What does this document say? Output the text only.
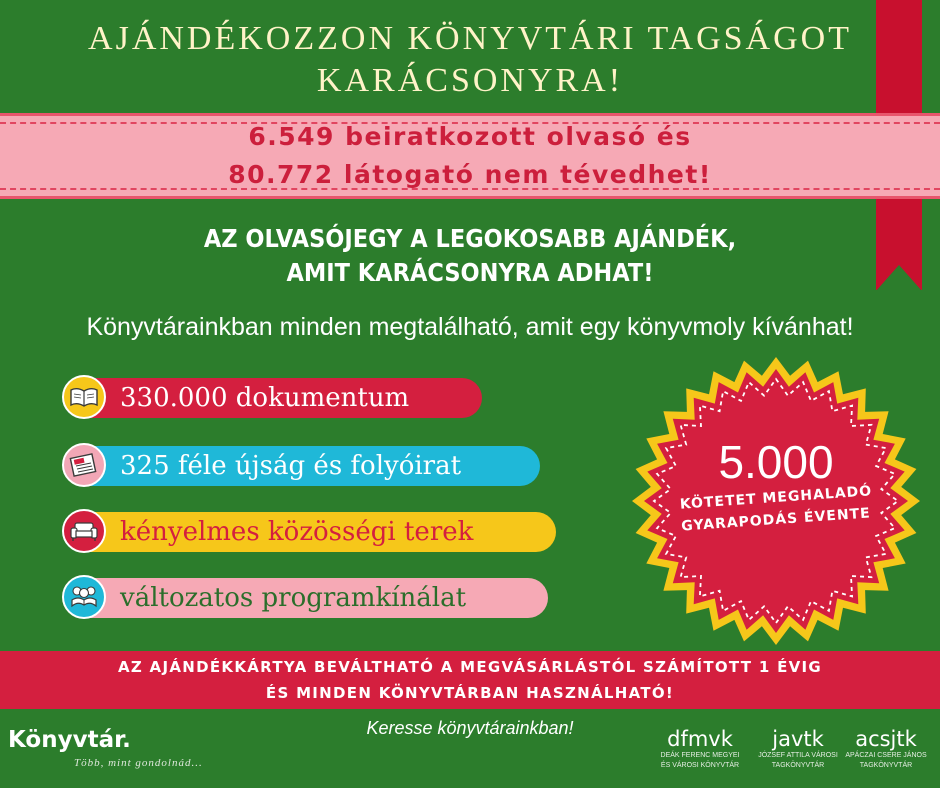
AJÁNDÉKOZZON KÖNYVTÁRI TAGSÁGOT
KARÁCSONYRA!
6.549 beiratkozott olvasó és
80.772 látogató nem tévedhet!
AZ OLVASÓJEGY A LEGOKOSABB AJÁNDÉK,
AMIT KARÁCSONYRA ADHAT!
Könyvtárainkban minden megtalálható, amit egy könyvmoly kívánhat!
330.000 dokumentum
325 féle újság és folyóirat
kényelmes közösségi terek
változatos programkínálat
5.000
KÖTETET MEGHALADÓ
GYARAPODÁS ÉVENTE
AZ AJÁNDÉKKÁRTYA BEVÁLTHATÓ A MEGVÁSÁRLÁSTÓL SZÁMÍTOTT 1 ÉVIG
ÉS MINDEN KÖNYVTÁRBAN HASZNÁLHATÓ!
Keresse könyvtárainkban!
Könyvtár.
Több, mint gondolnád...
dfmvk
DEÁK FERENC MEGYEI
ÉS VÁROSI KÖNYVTÁR
javtk
JÓZSEF ATTILA VÁROSI
TAGKÖNYVTÁR
acsjtk
APÁCZAI CSERE JÁNOS
TAGKÖNYVTÁR
